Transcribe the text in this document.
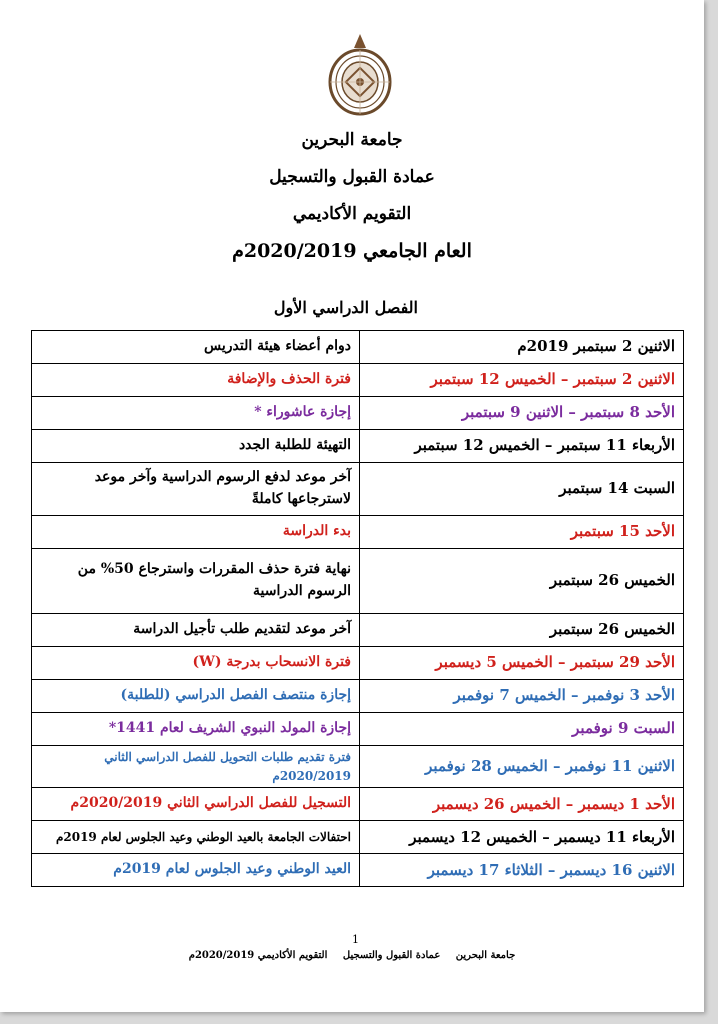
جامعة البحرين
عمادة القبول والتسجيل
التقويم الأكاديمي
العام الجامعي 2020/2019م
الفصل الدراسي الأول
الاثنين 2 سبتمبر 2019م	دوام أعضاء هيئة التدريس
الاثنين 2 سبتمبر – الخميس 12 سبتمبر	فترة الحذف والإضافة
الأحد 8 سبتمبر – الاثنين 9 سبتمبر	إجازة عاشوراء *
الأربعاء 11 سبتمبر – الخميس 12 سبتمبر	التهيئة للطلبة الجدد
السبت 14 سبتمبر	آخر موعد لدفع الرسوم الدراسية وآخر موعد لاسترجاعها كاملةً
الأحد 15 سبتمبر	بدء الدراسة
الخميس 26 سبتمبر	نهاية فترة حذف المقررات واسترجاع 50% من الرسوم الدراسية
الخميس 26 سبتمبر	آخر موعد لتقديم طلب تأجيل الدراسة
الأحد 29 سبتمبر – الخميس 5 ديسمبر	فترة الانسحاب بدرجة (W)
الأحد 3 نوفمبر – الخميس 7 نوفمبر	إجازة منتصف الفصل الدراسي (للطلبة)
السبت 9 نوفمبر	إجازة المولد النبوي الشريف لعام 1441*
الاثنين 11 نوفمبر – الخميس 28 نوفمبر	فترة تقديم طلبات التحويل للفصل الدراسي الثاني 2020/2019م
الأحد 1 ديسمبر – الخميس 26 ديسمبر	التسجيل للفصل الدراسي الثاني 2020/2019م
الأربعاء 11 ديسمبر – الخميس 12 ديسمبر	احتفالات الجامعة بالعيد الوطني وعيد الجلوس لعام 2019م
الاثنين 16 ديسمبر – الثلاثاء 17 ديسمبر	العيد الوطني وعيد الجلوس لعام 2019م
1
جامعة البحرين عمادة القبول والتسجيل التقويم الأكاديمي 2020/2019م
